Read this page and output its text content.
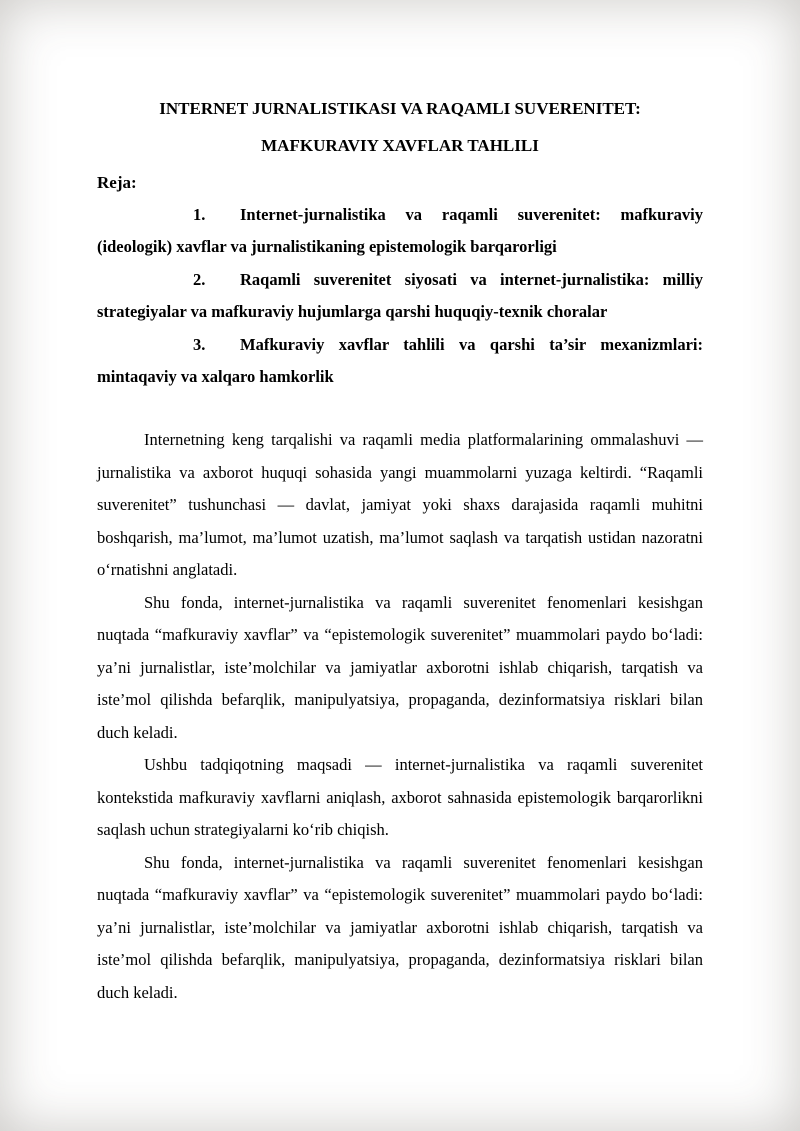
INTERNET JURNALISTIKASI VA RAQAMLI SUVERENITET:
MAFKURAVIY XAVFLAR TAHLILI

Reja:

1. Internet-jurnalistika va raqamli suverenitet: mafkuraviy (ideologik) xavflar va jurnalistikaning epistemologik barqarorligi

2. Raqamli suverenitet siyosati va internet-jurnalistika: milliy strategiyalar va mafkuraviy hujumlarga qarshi huquqiy-texnik choralar

3. Mafkuraviy xavflar tahlili va qarshi ta’sir mexanizmlari: mintaqaviy va xalqaro hamkorlik

Internetning keng tarqalishi va raqamli media platformalarining ommalashuvi — jurnalistika va axborot huquqi sohasida yangi muammolarni yuzaga keltirdi. “Raqamli suverenitet” tushunchasi — davlat, jamiyat yoki shaxs darajasida raqamli muhitni boshqarish, ma’lumot, ma’lumot uzatish, ma’lumot saqlash va tarqatish ustidan nazoratni o‘rnatishni anglatadi.

Shu fonda, internet-jurnalistika va raqamli suverenitet fenomenlari kesishgan nuqtada “mafkuraviy xavflar” va “epistemologik suverenitet” muammolari paydo bo‘ladi: ya’ni jurnalistlar, iste’molchilar va jamiyatlar axborotni ishlab chiqarish, tarqatish va iste’mol qilishda befarqlik, manipulyatsiya, propaganda, dezinformatsiya risklari bilan duch keladi.

Ushbu tadqiqotning maqsadi — internet-jurnalistika va raqamli suverenitet kontekstida mafkuraviy xavflarni aniqlash, axborot sahnasida epistemologik barqarorlikni saqlash uchun strategiyalarni ko‘rib chiqish.

Shu fonda, internet-jurnalistika va raqamli suverenitet fenomenlari kesishgan nuqtada “mafkuraviy xavflar” va “epistemologik suverenitet” muammolari paydo bo‘ladi: ya’ni jurnalistlar, iste’molchilar va jamiyatlar axborotni ishlab chiqarish, tarqatish va iste’mol qilishda befarqlik, manipulyatsiya, propaganda, dezinformatsiya risklari bilan duch keladi.
